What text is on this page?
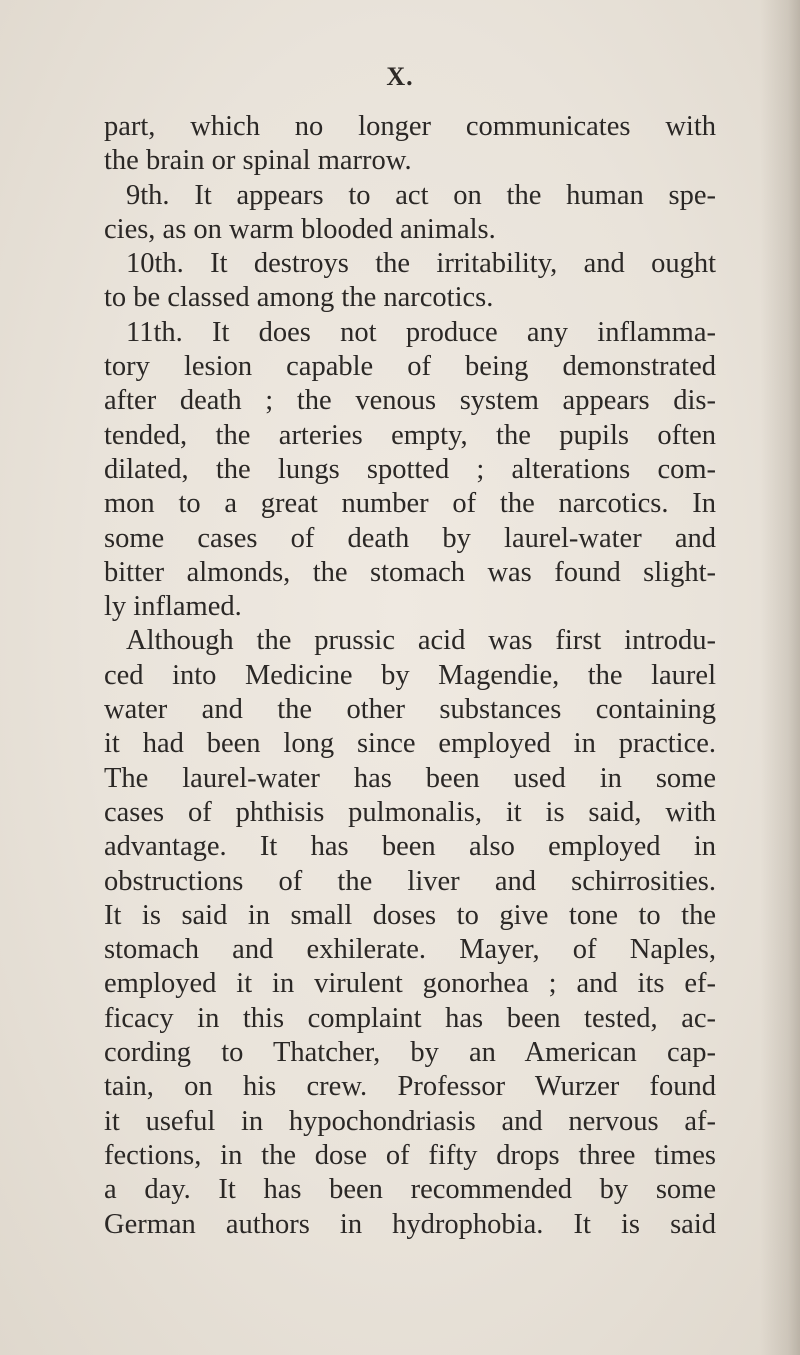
X.
part, which no longer communicates with
the brain or spinal marrow.
9th. It appears to act on the human spe-
cies, as on warm blooded animals.
10th. It destroys the irritability, and ought
to be classed among the narcotics.
11th. It does not produce any inflamma-
tory lesion capable of being demonstrated
after death ; the venous system appears dis-
tended, the arteries empty, the pupils often
dilated, the lungs spotted ; alterations com-
mon to a great number of the narcotics. In
some cases of death by laurel-water and
bitter almonds, the stomach was found slight-
ly inflamed.
Although the prussic acid was first introdu-
ced into Medicine by Magendie, the laurel
water and the other substances containing
it had been long since employed in practice.
The laurel-water has been used in some
cases of phthisis pulmonalis, it is said, with
advantage. It has been also employed in
obstructions of the liver and schirrosities.
It is said in small doses to give tone to the
stomach and exhilerate. Mayer, of Naples,
employed it in virulent gonorhea ; and its ef-
ficacy in this complaint has been tested, ac-
cording to Thatcher, by an American cap-
tain, on his crew. Professor Wurzer found
it useful in hypochondriasis and nervous af-
fections, in the dose of fifty drops three times
a day. It has been recommended by some
German authors in hydrophobia. It is said
